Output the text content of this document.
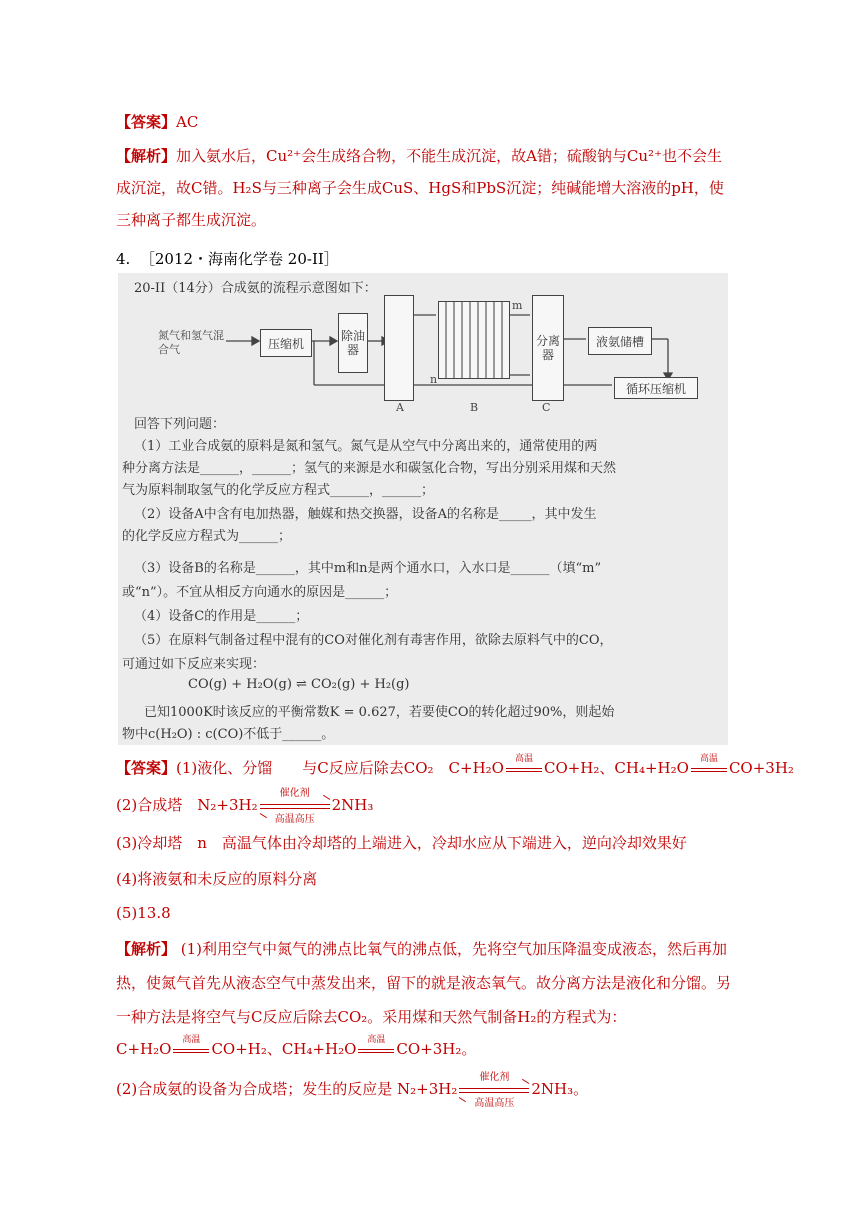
【答案】AC
【解析】加入氨水后，Cu²⁺会生成络合物，不能生成沉淀，故A错；硫酸钠与Cu²⁺也不会生成沉淀，故C错。H₂S与三种离子会生成CuS、HgS和PbS沉淀；纯碱能增大溶液的pH，使三种离子都生成沉淀。
4. ［2012・海南化学卷 20-II］
20-II（14分）合成氨的流程示意图如下：
氮气和氢气混合气	压缩机
除油器
分离器
液氨储槽
循环压缩机
A	B	C
m
n
回答下列问题：
（1）工业合成氨的原料是氮和氢气。氮气是从空气中分离出来的，通常使用的两
种分离方法是______，______；氢气的来源是水和碳氢化合物，写出分别采用煤和天然
气为原料制取氢气的化学反应方程式______，______；
（2）设备A中含有电加热器，触媒和热交换器，设备A的名称是_____，其中发生
的化学反应方程式为______；
（3）设备B的名称是______，其中m和n是两个通水口，入水口是______（填“m”
或“n”）。不宜从相反方向通水的原因是______；
（4）设备C的作用是______；
（5）在原料气制备过程中混有的CO对催化剂有毒害作用，欲除去原料气中的CO，
可通过如下反应来实现：
CO(g) + H₂O(g) ⇌ CO₂(g) + H₂(g)
已知1000K时该反应的平衡常数K = 0.627，若要使CO的转化超过90%，则起始
物中c(H₂O) : c(CO)不低于______。
【答案】(1)液化、分馏　　与C反应后除去CO₂　C+H₂O	高温 CO+H₂、CH₄+H₂O	高温 CO+3H₂
(2)合成塔　N₂+3H₂
催化剂
高温高压
2NH₃
(3)冷却塔　n　高温气体由冷却塔的上端进入，冷却水应从下端进入，逆向冷却效果好
(4)将液氨和未反应的原料分离
(5)13.8
【解析】 (1)利用空气中氮气的沸点比氧气的沸点低，先将空气加压降温变成液态，然后再加热，使氮气首先从液态空气中蒸发出来，留下的就是液态氧气。故分离方法是液化和分馏。另一种方法是将空气与C反应后除去CO₂。采用煤和天然气制备H₂的方程式为：
C+H₂O	高温 CO+H₂、CH₄+H₂O	高温 CO+3H₂。
(2)合成氨的设备为合成塔；发生的反应是 N₂+3H₂
催化剂
高温高压
2NH₃。
